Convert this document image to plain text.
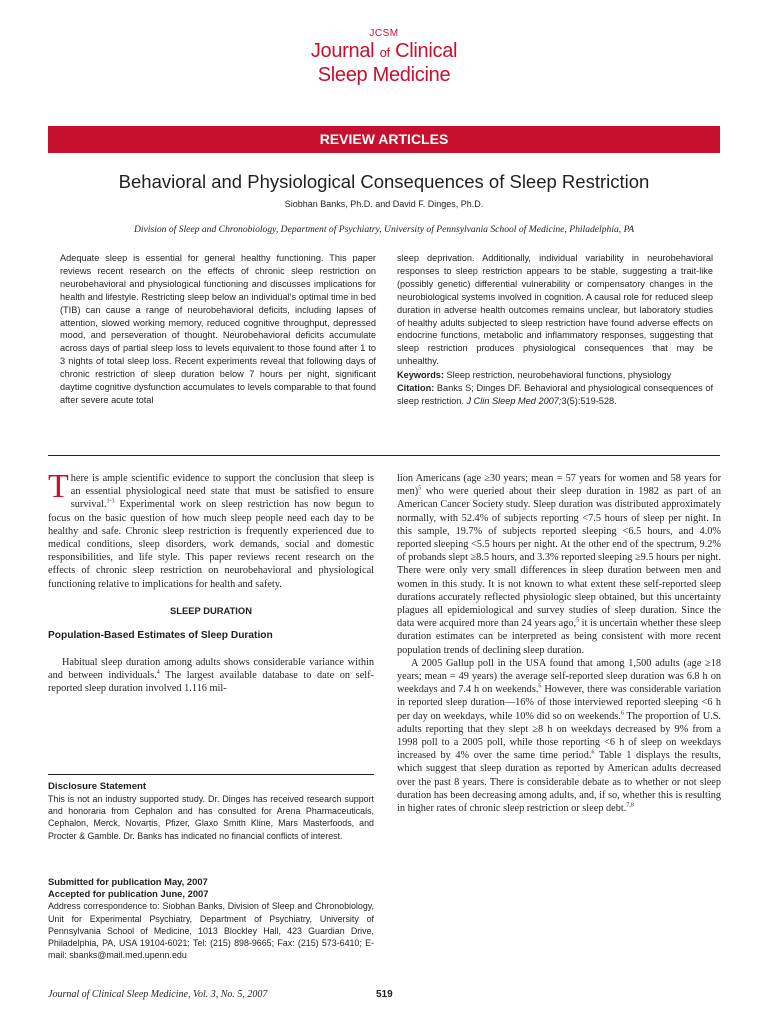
JCSM
Journal of Clinical
Sleep Medicine
REVIEW ARTICLES
Behavioral and Physiological Consequences of Sleep Restriction
Siobhan Banks, Ph.D. and David F. Dinges, Ph.D.
Division of Sleep and Chronobiology, Department of Psychiatry, University of Pennsylvania School of Medicine, Philadelphia, PA

Adequate sleep is essential for general healthy functioning. This paper reviews recent research on the effects of chronic sleep restriction on neurobehavioral and physiological functioning and discusses implications for health and lifestyle. Restricting sleep below an individual’s optimal time in bed (TIB) can cause a range of neurobehavioral deficits, including lapses of attention, slowed working memory, reduced cognitive throughput, depressed mood, and perseveration of thought. Neurobehavioral deficits accumulate across days of partial sleep loss to levels equivalent to those found after 1 to 3 nights of total sleep loss. Recent experiments reveal that following days of chronic restriction of sleep duration below 7 hours per night, significant daytime cognitive dysfunction accumulates to levels comparable to that found after severe acute total

sleep deprivation. Additionally, individual variability in neurobehavioral responses to sleep restriction appears to be stable, suggesting a trait-like (possibly genetic) differential vulnerability or compensatory changes in the neurobiological systems involved in cognition. A causal role for reduced sleep duration in adverse health outcomes remains unclear, but laboratory studies of healthy adults subjected to sleep restriction have found adverse effects on endocrine functions, metabolic and inflammatory responses, suggesting that sleep restriction produces physiological consequences that may be unhealthy.

Keywords: Sleep restriction, neurobehavioral functions, physiology

Citation: Banks S; Dinges DF. Behavioral and physiological consequences of sleep restriction. J Clin Sleep Med 2007;3(5):519-528.

There is ample scientific evidence to support the conclusion that sleep is an essential physiological need state that must be satisfied to ensure survival.$^{1-3}$ Experimental work on sleep restriction has now begun to focus on the basic question of how much sleep people need each day to be healthy and safe. Chronic sleep restriction is frequently experienced due to medical conditions, sleep disorders, work demands, social and domestic responsibilities, and life style. This paper reviews recent research on the effects of chronic sleep restriction on neurobehavioral and physiological functioning relative to implications for health and safety.

SLEEP DURATION
Population-Based Estimates of Sleep Duration

Habitual sleep duration among adults shows considerable variance within and between individuals.$^4$ The largest available database to date on self-reported sleep duration involved 1.116 mil-

lion Americans (age ≥30 years; mean = 57 years for women and 58 years for men)$^5$ who were queried about their sleep duration in 1982 as part of an American Cancer Society study. Sleep duration was distributed approximately normally, with 52.4% of subjects reporting <7.5 hours of sleep per night. In this sample, 19.7% of subjects reported sleeping <6.5 hours, and 4.0% reported sleeping <5.5 hours per night. At the other end of the spectrum, 9.2% of probands slept ≥8.5 hours, and 3.3% reported sleeping ≥9.5 hours per night. There were only very small differences in sleep duration between men and women in this study. It is not known to what extent these self-reported sleep durations accurately reflected physiologic sleep obtained, but this uncertainty plagues all epidemiological and survey studies of sleep duration. Since the data were acquired more than 24 years ago,$^5$ it is uncertain whether these sleep duration estimates can be interpreted as being consistent with more recent population trends of declining sleep duration.

A 2005 Gallup poll in the USA found that among 1,500 adults (age ≥18 years; mean = 49 years) the average self-reported sleep duration was 6.8 h on weekdays and 7.4 h on weekends.$^6$ However, there was considerable variation in reported sleep duration—16% of those interviewed reported sleeping <6 h per day on weekdays, while 10% did so on weekends.$^6$ The proportion of U.S. adults reporting that they slept ≥8 h on weekdays decreased by 9% from a 1998 poll to a 2005 poll, while those reporting <6 h of sleep on weekdays increased by 4% over the same time period.$^6$ Table 1 displays the results, which suggest that sleep duration as reported by American adults decreased over the past 8 years. There is considerable debate as to whether or not sleep duration has been decreasing among adults, and, if so, whether this is resulting in higher rates of chronic sleep restriction or sleep debt.$^{7,8}$

Disclosure Statement
This is not an industry supported study. Dr. Dinges has received research support and honoraria from Cephalon and has consulted for Arena Pharmaceuticals, Cephalon, Merck, Novartis, Pfizer, Glaxo Smith Kline, Mars Masterfoods, and Procter & Gamble. Dr. Banks has indicated no financial conflicts of interest.
Submitted for publication May, 2007
Accepted for publication June, 2007
Address correspondence to: Siobhan Banks, Division of Sleep and Chronobiology, Unit for Experimental Psychiatry, Department of Psychiatry, University of Pennsylvania School of Medicine, 1013 Blockley Hall, 423 Guardian Drive, Philadelphia, PA, USA 19104-6021; Tel: (215) 898-9665; Fax: (215) 573-6410; E-mail: sbanks@mail.med.upenn.edu
Journal of Clinical Sleep Medicine, Vol. 3, No. 5, 2007	519
